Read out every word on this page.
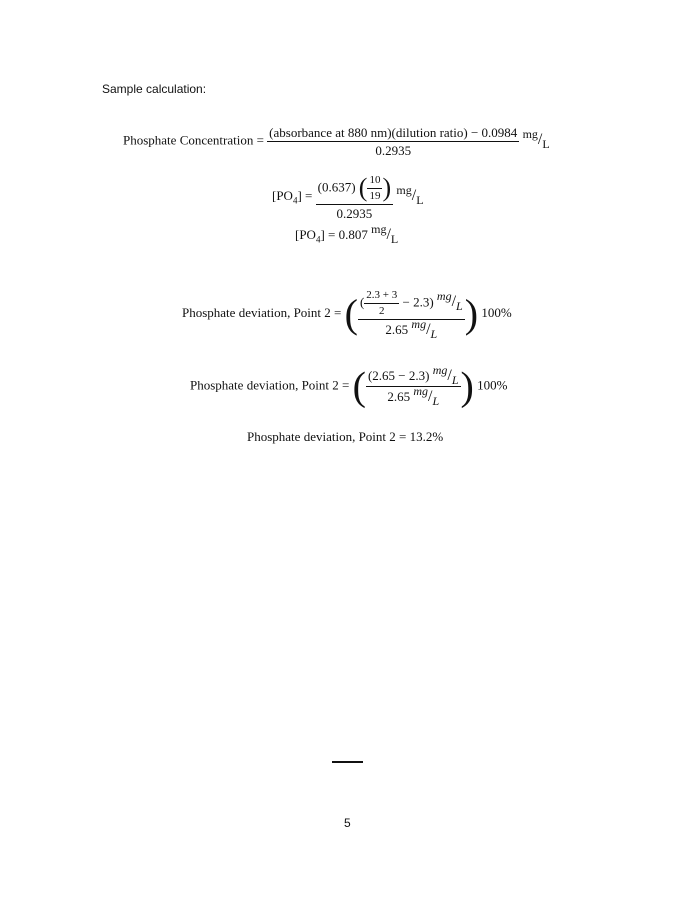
Sample calculation:
Phosphate Concentration = $\frac{\text{(absorbance at 880 nm)(dilution ratio) − 0.0984}}{0.2935} mg/L$
$[PO_4]$ =
(0.637) ( $\frac{10}{19}$ )
0.2935
mg/L
$[PO_4] = 0.807$ mg/L
Phosphate deviation, Point 2 = ( ( $\frac{2.3 + 3}{2} - 2.3$) mg/L
2.65 mg/L ) 100%
Phosphate deviation, Point 2 = ( $\frac{(2.65 - 2.3) mg/L}{2.65 mg/L}$ ) 100%
Phosphate deviation, Point 2 = 13.2%
5
